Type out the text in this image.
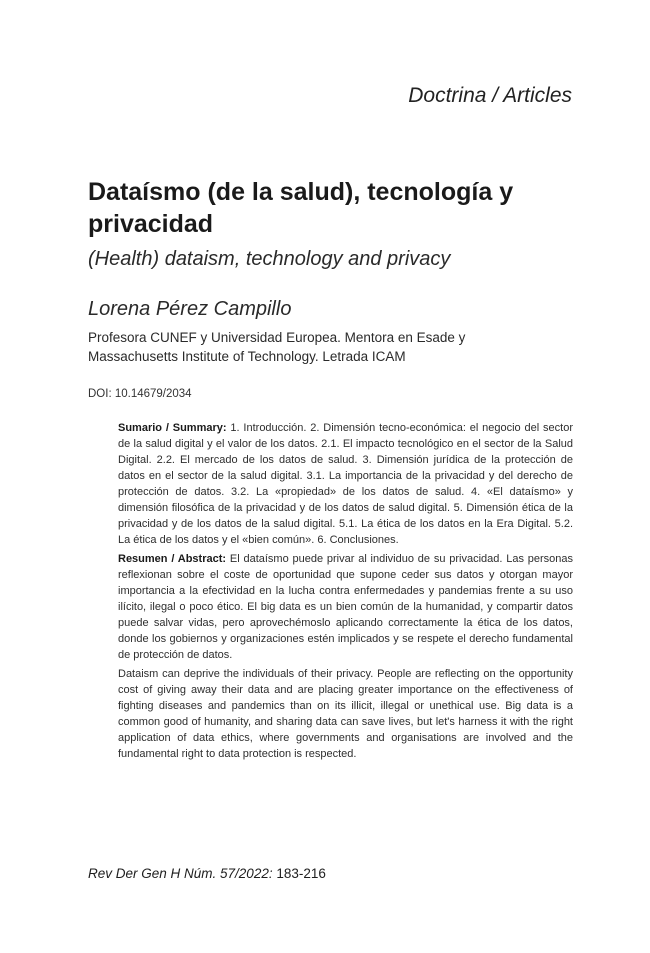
Doctrina / Articles
Dataísmo (de la salud), tecnología y privacidad
(Health) dataism, technology and privacy
Lorena Pérez Campillo
Profesora CUNEF y Universidad Europea. Mentora en Esade y Massachusetts Institute of Technology. Letrada ICAM
DOI: 10.14679/2034

Sumario / Summary: 1. Introducción. 2. Dimensión tecno-económica: el negocio del sector de la salud digital y el valor de los datos. 2.1. El impacto tecnológico en el sector de la Salud Digital. 2.2. El mercado de los datos de salud. 3. Dimensión jurídica de la protección de datos en el sector de la salud digital. 3.1. La importancia de la privacidad y del derecho de protección de datos. 3.2. La «propiedad» de los datos de salud. 4. «El dataísmo» y dimensión filosófica de la privacidad y de los datos de salud digital. 5. Dimensión ética de la privacidad y de los datos de la salud digital. 5.1. La ética de los datos en la Era Digital. 5.2. La ética de los datos y el «bien común». 6. Conclusiones.

Resumen / Abstract: El dataísmo puede privar al individuo de su privacidad. Las personas reflexionan sobre el coste de oportunidad que supone ceder sus datos y otorgan mayor importancia a la efectividad en la lucha contra enfermedades y pandemias frente a su uso ilícito, ilegal o poco ético. El big data es un bien común de la humanidad, y compartir datos puede salvar vidas, pero aprovechémoslo aplicando correctamente la ética de los datos, donde los gobiernos y organizaciones estén implicados y se respete el derecho fundamental de protección de datos.

Dataism can deprive the individuals of their privacy. People are reflecting on the opportunity cost of giving away their data and are placing greater importance on the effectiveness of fighting diseases and pandemics than on its illicit, illegal or unethical use. Big data is a common good of humanity, and sharing data can save lives, but let's harness it with the right application of data ethics, where governments and organisations are involved and the fundamental right to data protection is respected.

Rev Der Gen H Núm. 57/2022: 183-216
